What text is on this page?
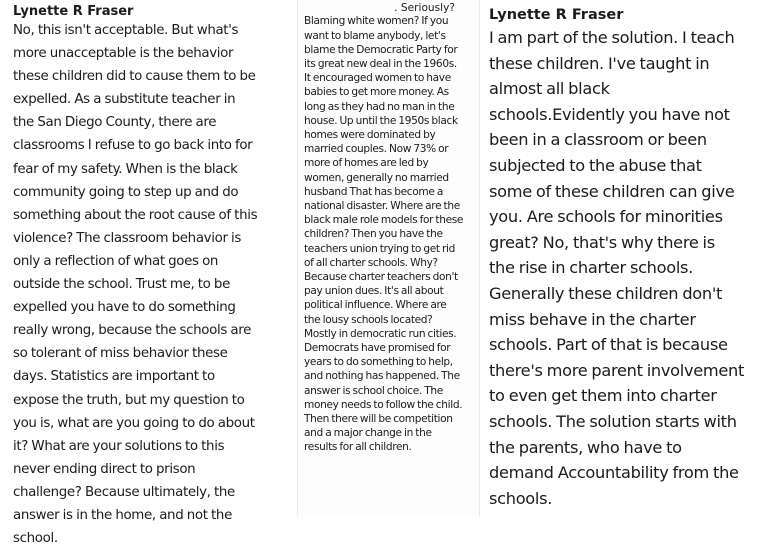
Lynette R Fraser

No, this isn't acceptable. But what's
more unacceptable is the behavior
these children did to cause them to be
expelled. As a substitute teacher in
the San Diego County, there are
classrooms I refuse to go back into for
fear of my safety. When is the black
community going to step up and do
something about the root cause of this
violence? The classroom behavior is
only a reflection of what goes on
outside the school. Trust me, to be
expelled you have to do something
really wrong, because the schools are
so tolerant of miss behavior these
days. Statistics are important to
expose the truth, but my question to
you is, what are you going to do about
it? What are your solutions to this
never ending direct to prison
challenge? Because ultimately, the
answer is in the home, and not the
school.

. Seriously?

Blaming white women? If you
want to blame anybody, let's
blame the Democratic Party for
its great new deal in the 1960s.
It encouraged women to have
babies to get more money. As
long as they had no man in the
house. Up until the 1950s black
homes were dominated by
married couples. Now 73% or
more of homes are led by
women, generally no married
husband That has become a
national disaster. Where are the
black male role models for these
children? Then you have the
teachers union trying to get rid
of all charter schools. Why?
Because charter teachers don't
pay union dues. It's all about
political influence. Where are
the lousy schools located?
Mostly in democratic run cities.
Democrats have promised for
years to do something to help,
and nothing has happened. The
answer is school choice. The
money needs to follow the child.
Then there will be competition
and a major change in the
results for all children.

Lynette R Fraser

I am part of the solution. I teach
these children. I've taught in
almost all black
schools.Evidently you have not
been in a classroom or been
subjected to the abuse that
some of these children can give
you. Are schools for minorities
great? No, that's why there is
the rise in charter schools.
Generally these children don't
miss behave in the charter
schools. Part of that is because
there's more parent involvement
to even get them into charter
schools. The solution starts with
the parents, who have to
demand Accountability from the
schools.
